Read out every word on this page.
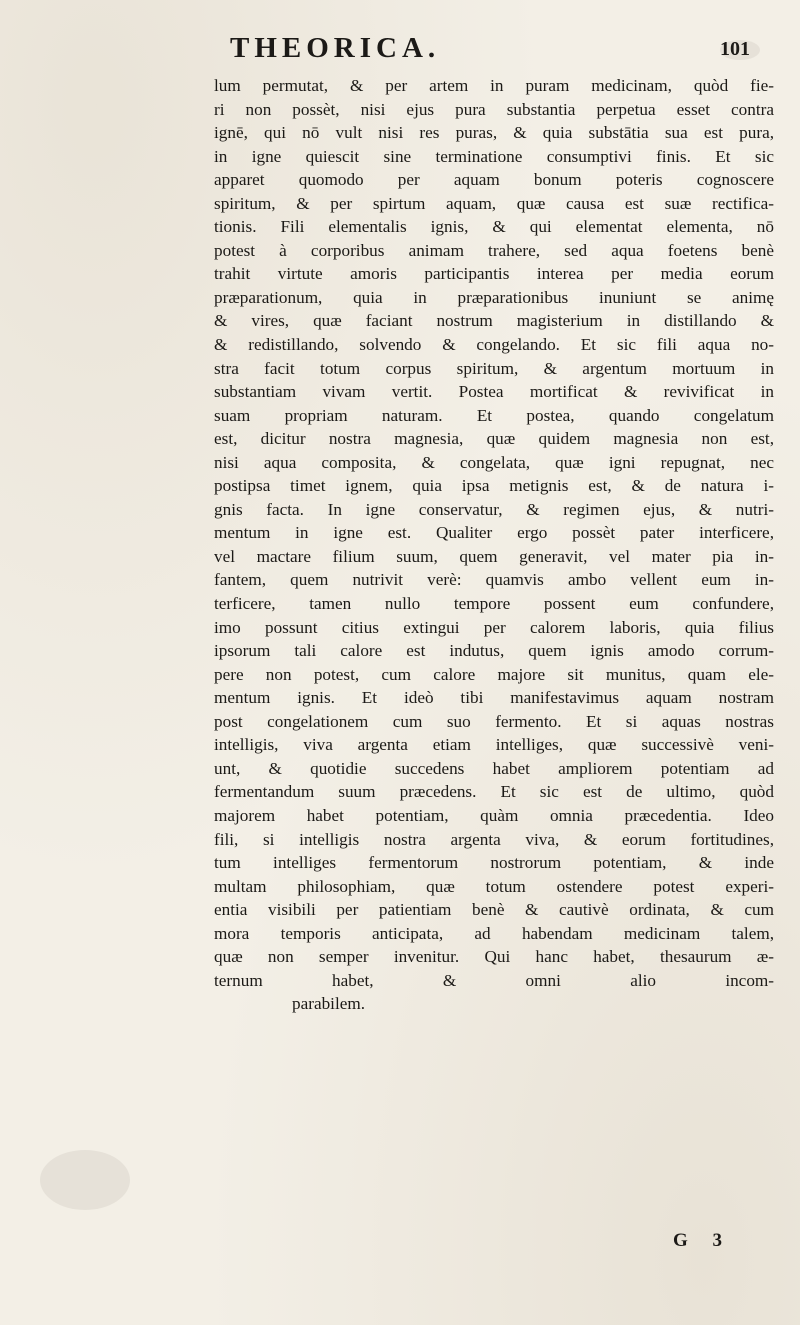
THEORICA.	101
lum permutat, & per artem in puram medicinam, quòd fie-
ri non possèt, nisi ejus pura substantia perpetua esset contra
ignē, qui nō vult nisi res puras, & quia substātia sua est pura,
in igne quiescit sine terminatione consumptivi finis. Et sic
apparet quomodo per aquam bonum poteris cognoscere
spiritum, & per spirtum aquam, quæ causa est suæ rectifica-
tionis. Fili elementalis ignis, & qui elementat elementa, nō
potest à corporibus animam trahere, sed aqua foetens benè
trahit virtute amoris participantis interea per media eorum
præparationum, quia in præparationibus inuniunt se animę
& vires, quæ faciant nostrum magisterium in distillando &
& redistillando, solvendo & congelando. Et sic fili aqua no-
stra facit totum corpus spiritum, & argentum mortuum in
substantiam vivam vertit. Postea mortificat & revivificat in
suam propriam naturam. Et postea, quando congelatum
est, dicitur nostra magnesia, quæ quidem magnesia non est,
nisi aqua composita, & congelata, quæ igni repugnat, nec
postipsa timet ignem, quia ipsa metignis est, & de natura i-
gnis facta. In igne conservatur, & regimen ejus, & nutri-
mentum in igne est. Qualiter ergo possèt pater interficere,
vel mactare filium suum, quem generavit, vel mater pia in-
fantem, quem nutrivit verè: quamvis ambo vellent eum in-
terficere, tamen nullo tempore possent eum confundere,
imo possunt citius extingui per calorem laboris, quia filius
ipsorum tali calore est indutus, quem ignis amodo corrum-
pere non potest, cum calore majore sit munitus, quam ele-
mentum ignis. Et ideò tibi manifestavimus aquam nostram
post congelationem cum suo fermento. Et si aquas nostras
intelligis, viva argenta etiam intelliges, quæ successivè veni-
unt, & quotidie succedens habet ampliorem potentiam ad
fermentandum suum præcedens. Et sic est de ultimo, quòd
majorem habet potentiam, quàm omnia præcedentia. Ideo
fili, si intelligis nostra argenta viva, & eorum fortitudines,
tum intelliges fermentorum nostrorum potentiam, & inde
multam philosophiam, quæ totum ostendere potest experi-
entia visibili per patientiam benè & cautivè ordinata, & cum
mora temporis anticipata, ad habendam medicinam talem,
quæ non semper invenitur. Qui hanc habet, thesaurum æ-
ternum habet, & omni alio incom-
parabilem.
G 3
